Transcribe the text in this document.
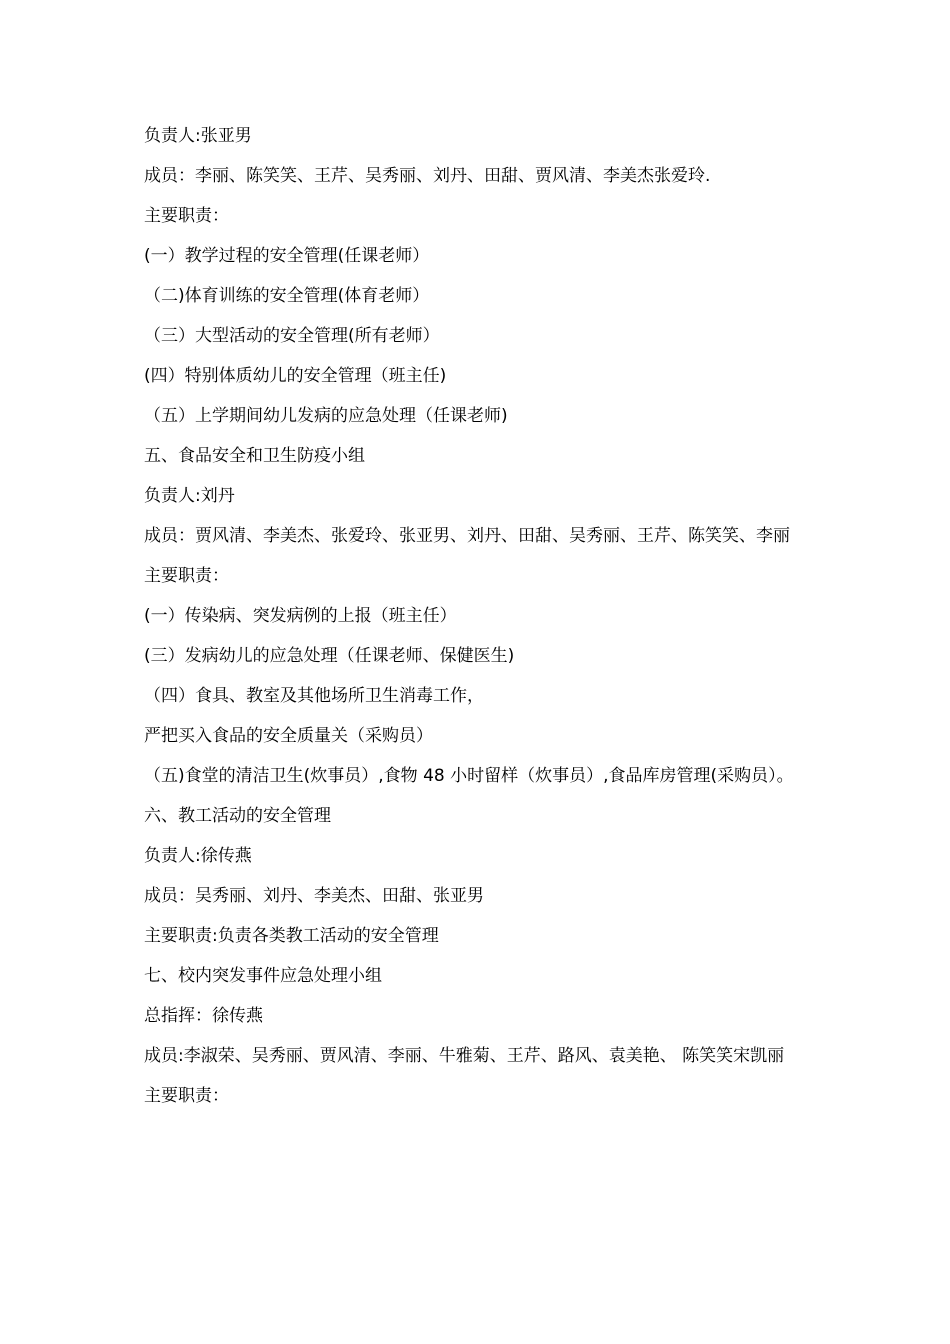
负责人:张亚男

成员：李丽、陈笑笑、王芹、吴秀丽、刘丹、田甜、贾风清、李美杰张爱玲.

主要职责：

(一）教学过程的安全管理(任课老师）

（二)体育训练的安全管理(体育老师）

（三）大型活动的安全管理(所有老师）

(四）特别体质幼儿的安全管理（班主任)

（五）上学期间幼儿发病的应急处理（任课老师)

五、食品安全和卫生防疫小组

负责人:刘丹

成员：贾风清、李美杰、张爱玲、张亚男、刘丹、田甜、吴秀丽、王芹、陈笑笑、李丽

主要职责：

(一）传染病、突发病例的上报（班主任）

(三）发病幼儿的应急处理（任课老师、保健医生)

（四）食具、教室及其他场所卫生消毒工作，

严把买入食品的安全质量关（采购员）

（五)食堂的清洁卫生(炊事员）,食物 48 小时留样（炊事员）,食品库房管理(采购员）。

六、教工活动的安全管理

负责人:徐传燕

成员：吴秀丽、刘丹、李美杰、田甜、张亚男

主要职责:负责各类教工活动的安全管理

七、校内突发事件应急处理小组

总指挥：徐传燕

成员:李淑荣、吴秀丽、贾风清、李丽、牛雅菊、王芹、路风、袁美艳、 陈笑笑宋凯丽

主要职责：
